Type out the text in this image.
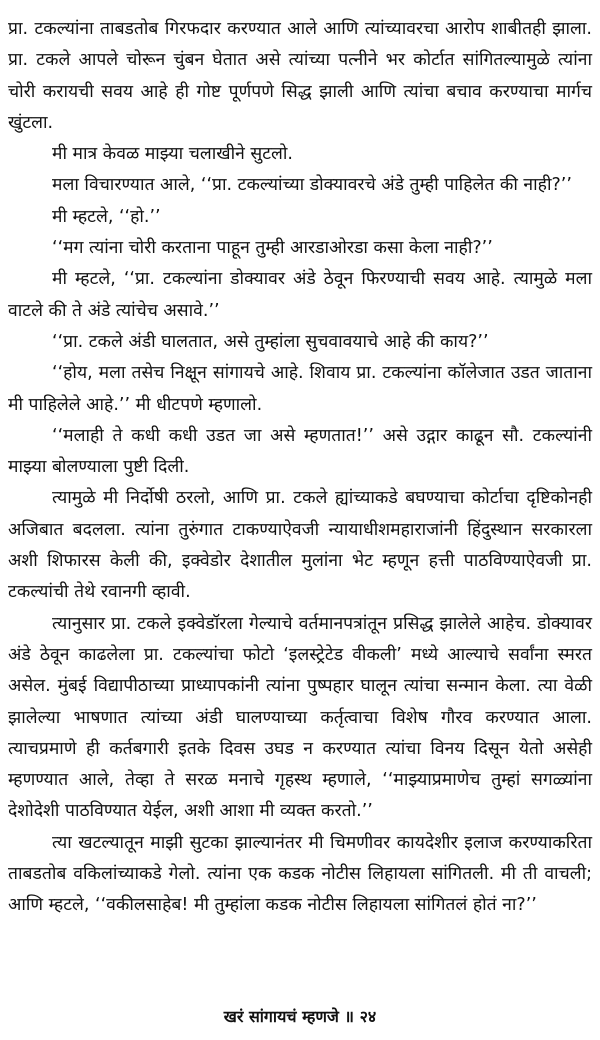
प्रा. टकल्यांना ताबडतोब गिरफदार करण्यात आले आणि त्यांच्यावरचा आरोप शाबीतही झाला. प्रा. टकले आपले चोरून चुंबन घेतात असे त्यांच्या पत्नीने भर कोर्टात सांगितल्यामुळे त्यांना चोरी करायची सवय आहे ही गोष्ट पूर्णपणे सिद्ध झाली आणि त्यांचा बचाव करण्याचा मार्गच खुंटला.

मी मात्र केवळ माझ्या चलाखीने सुटलो.

मला विचारण्यात आले, ‘‘प्रा. टकल्यांच्या डोक्यावरचे अंडे तुम्ही पाहिलेत की नाही?’’

मी म्हटले, ‘‘हो.’’

‘‘मग त्यांना चोरी करताना पाहून तुम्ही आरडाओरडा कसा केला नाही?’’

मी म्हटले, ‘‘प्रा. टकल्यांना डोक्यावर अंडे ठेवून फिरण्याची सवय आहे. त्यामुळे मला वाटले की ते अंडे त्यांचेच असावे.’’

‘‘प्रा. टकले अंडी घालतात, असे तुम्हांला सुचवावयाचे आहे की काय?’’

‘‘होय, मला तसेच निक्षून सांगायचे आहे. शिवाय प्रा. टकल्यांना कॉलेजात उडत जाताना मी पाहिलेले आहे.’’ मी धीटपणे म्हणालो.

‘‘मलाही ते कधी कधी उडत जा असे म्हणतात!’’ असे उद्गार काढून सौ. टकल्यांनी माझ्या बोलण्याला पुष्टी दिली.

त्यामुळे मी निर्दोषी ठरलो, आणि प्रा. टकले ह्यांच्याकडे बघण्याचा कोर्टाचा दृष्टिकोनही अजिबात बदलला. त्यांना तुरुंगात टाकण्याऐवजी न्यायाधीशमहाराजांनी हिंदुस्थान सरकारला अशी शिफारस केली की, इक्वेडोर देशातील मुलांना भेट म्हणून हत्ती पाठविण्याऐवजी प्रा. टकल्यांची तेथे रवानगी व्हावी.

त्यानुसार प्रा. टकले इक्वेडॉरला गेल्याचे वर्तमानपत्रांतून प्रसिद्ध झालेले आहेच. डोक्यावर अंडे ठेवून काढलेला प्रा. टकल्यांचा फोटो ‘इलस्ट्रेटेड वीकली’ मध्ये आल्याचे सर्वांना स्मरत असेल. मुंबई विद्यापीठाच्या प्राध्यापकांनी त्यांना पुष्पहार घालून त्यांचा सन्मान केला. त्या वेळी झालेल्या भाषणात त्यांच्या अंडी घालण्याच्या कर्तृत्वाचा विशेष गौरव करण्यात आला. त्याचप्रमाणे ही कर्तबगारी इतके दिवस उघड न करण्यात त्यांचा विनय दिसून येतो असेही म्हणण्यात आले, तेव्हा ते सरळ मनाचे गृहस्थ म्हणाले, ‘‘माझ्याप्रमाणेच तुम्हां सगळ्यांना देशोदेशी पाठविण्यात येईल, अशी आशा मी व्यक्त करतो.’’

त्या खटल्यातून माझी सुटका झाल्यानंतर मी चिमणीवर कायदेशीर इलाज करण्याकरिता ताबडतोब वकिलांच्याकडे गेलो. त्यांना एक कडक नोटीस लिहायला सांगितली. मी ती वाचली; आणि म्हटले, ‘‘वकीलसाहेब! मी तुम्हांला कडक नोटीस लिहायला सांगितलं होतं ना?’’

खरं सांगायचं म्हणजे ॥ २४
